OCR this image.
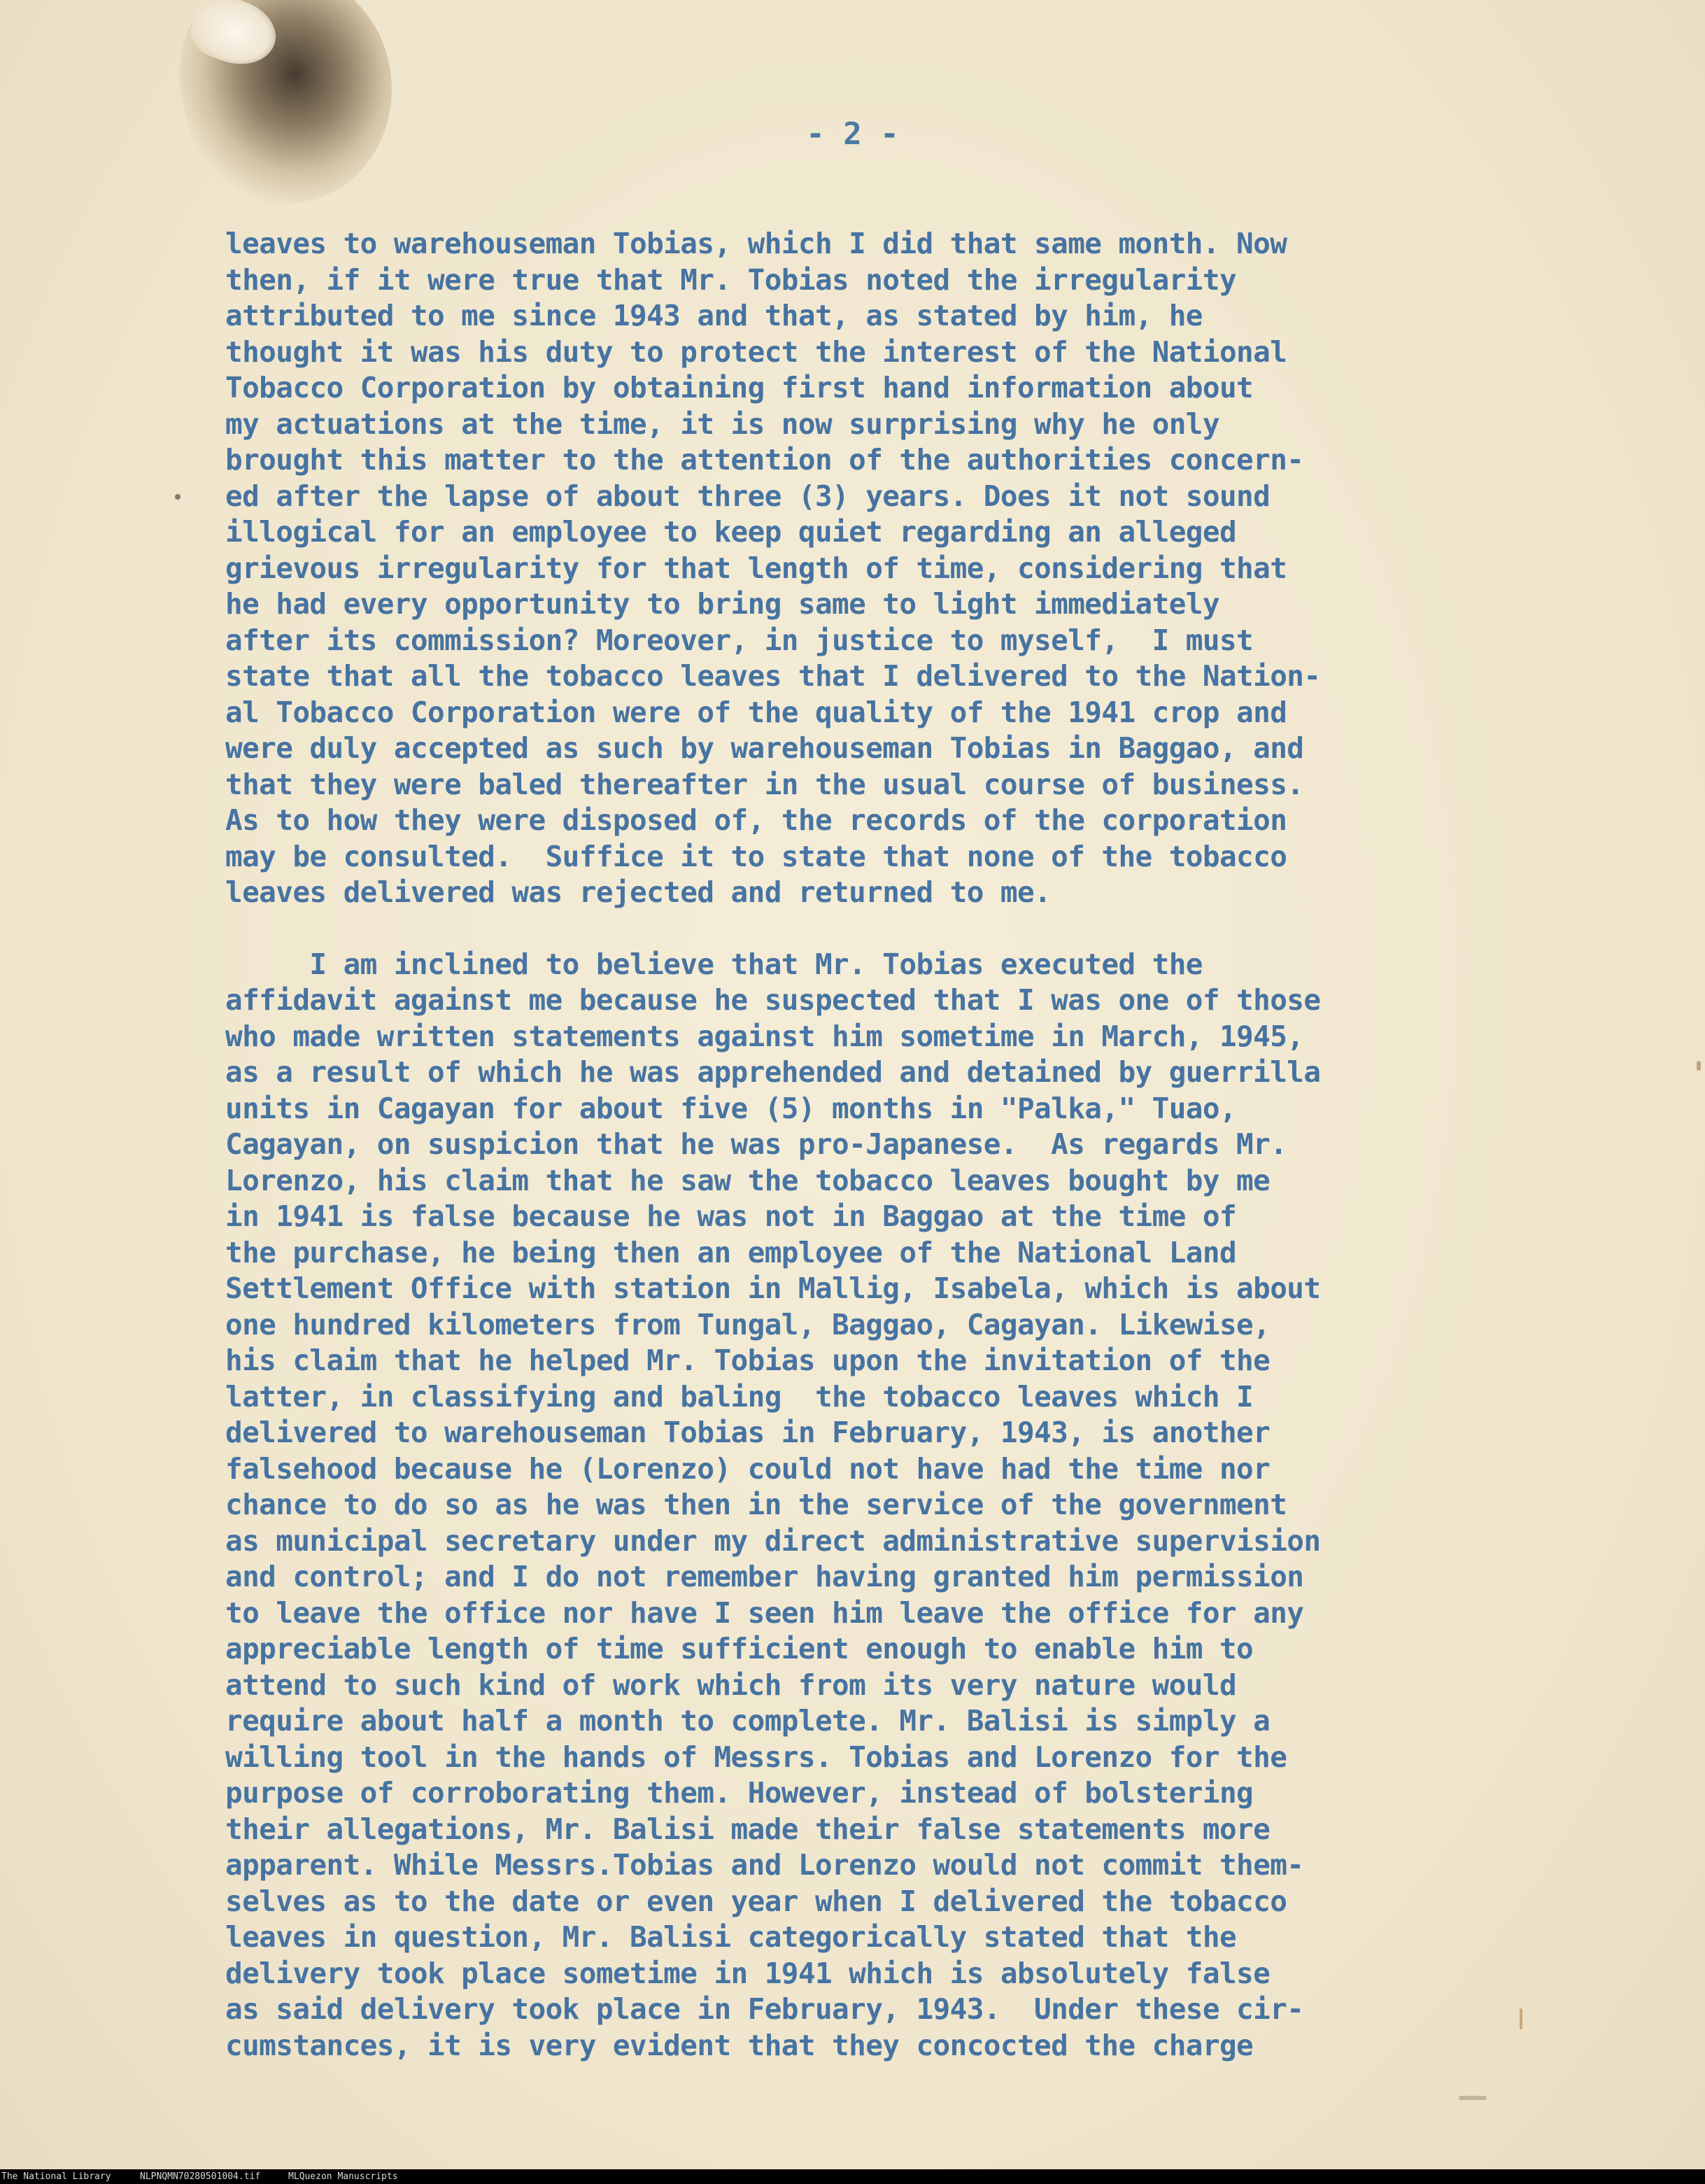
- 2 -
leaves to warehouseman Tobias, which I did that same month. Now
then, if it were true that Mr. Tobias noted the irregularity
attributed to me since 1943 and that, as stated by him, he
thought it was his duty to protect the interest of the National
Tobacco Corporation by obtaining first hand information about
my actuations at the time, it is now surprising why he only
brought this matter to the attention of the authorities concern-
ed after the lapse of about three (3) years. Does it not sound
illogical for an employee to keep quiet regarding an alleged
grievous irregularity for that length of time, considering that
he had every opportunity to bring same to light immediately
after its commission? Moreover, in justice to myself,  I must
state that all the tobacco leaves that I delivered to the Nation-
al Tobacco Corporation were of the quality of the 1941 crop and
were duly accepted as such by warehouseman Tobias in Baggao, and
that they were baled thereafter in the usual course of business.
As to how they were disposed of, the records of the corporation
may be consulted.  Suffice it to state that none of the tobacco
leaves delivered was rejected and returned to me.
I am inclined to believe that Mr. Tobias executed the
affidavit against me because he suspected that I was one of those
who made written statements against him sometime in March, 1945,
as a result of which he was apprehended and detained by guerrilla
units in Cagayan for about five (5) months in "Palka," Tuao,
Cagayan, on suspicion that he was pro-Japanese.  As regards Mr.
Lorenzo, his claim that he saw the tobacco leaves bought by me
in 1941 is false because he was not in Baggao at the time of
the purchase, he being then an employee of the National Land
Settlement Office with station in Mallig, Isabela, which is about
one hundred kilometers from Tungal, Baggao, Cagayan. Likewise,
his claim that he helped Mr. Tobias upon the invitation of the
latter, in classifying and baling  the tobacco leaves which I
delivered to warehouseman Tobias in February, 1943, is another
falsehood because he (Lorenzo) could not have had the time nor
chance to do so as he was then in the service of the government
as municipal secretary under my direct administrative supervision
and control; and I do not remember having granted him permission
to leave the office nor have I seen him leave the office for any
appreciable length of time sufficient enough to enable him to
attend to such kind of work which from its very nature would
require about half a month to complete. Mr. Balisi is simply a
willing tool in the hands of Messrs. Tobias and Lorenzo for the
purpose of corroborating them. However, instead of bolstering
their allegations, Mr. Balisi made their false statements more
apparent. While Messrs.Tobias and Lorenzo would not commit them-
selves as to the date or even year when I delivered the tobacco
leaves in question, Mr. Balisi categorically stated that the
delivery took place sometime in 1941 which is absolutely false
as said delivery took place in February, 1943.  Under these cir-
cumstances, it is very evident that they concocted the charge
The National Library	NLPNQMN70280501004.tif	MLQuezon Manuscripts
